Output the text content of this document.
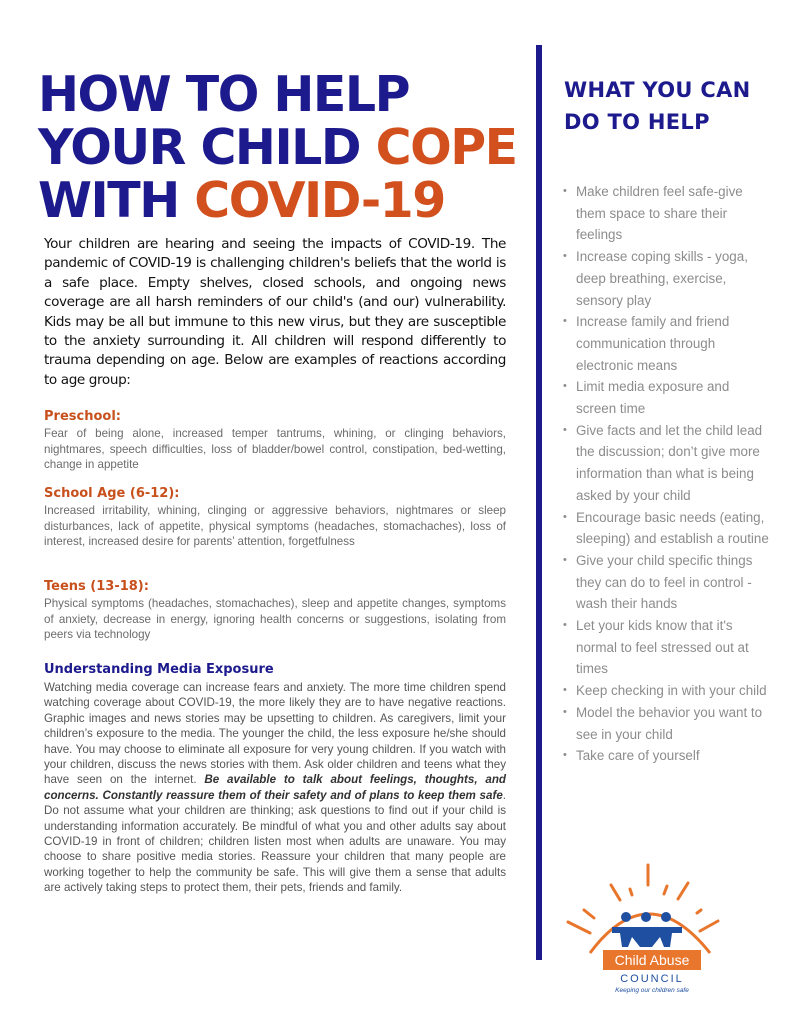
HOW TO HELP
YOUR CHILD COPE
WITH COVID-19

Your children are hearing and seeing the impacts of COVID-19. The pandemic of COVID-19 is challenging children's beliefs that the world is a safe place. Empty shelves, closed schools, and ongoing news coverage are all harsh reminders of our child's (and our) vulnerability. Kids may be all but immune to this new virus, but they are susceptible to the anxiety surrounding it. All children will respond differently to trauma depending on age. Below are examples of reactions according to age group:

Preschool:

Fear of being alone, increased temper tantrums, whining, or clinging behaviors, nightmares, speech difficulties, loss of bladder/bowel control, constipation, bed-wetting, change in appetite

School Age (6-12):

Increased irritability, whining, clinging or aggressive behaviors, nightmares or sleep disturbances, lack of appetite, physical symptoms (headaches, stomachaches), loss of interest, increased desire for parents’ attention, forgetfulness

Teens (13-18):

Physical symptoms (headaches, stomachaches), sleep and appetite changes, symptoms of anxiety, decrease in energy, ignoring health concerns or suggestions, isolating from peers via technology

Understanding Media Exposure

Watching media coverage can increase fears and anxiety. The more time children spend watching coverage about COVID-19, the more likely they are to have negative reactions. Graphic images and news stories may be upsetting to children. As caregivers, limit your children’s exposure to the media. The younger the child, the less exposure he/she should have. You may choose to eliminate all exposure for very young children. If you watch with your children, discuss the news stories with them. Ask older children and teens what they have seen on the internet. Be available to talk about feelings, thoughts, and concerns. Constantly reassure them of their safety and of plans to keep them safe. Do not assume what your children are thinking; ask questions to find out if your child is understanding information accurately. Be mindful of what you and other adults say about COVID-19 in front of children; children listen most when adults are unaware. You may choose to share positive media stories. Reassure your children that many people are working together to help the community be safe. This will give them a sense that adults are actively taking steps to protect them, their pets, friends and family.

WHAT YOU CAN DO TO HELP
• Make children feel safe-give them space to share their feelings
• Increase coping skills - yoga, deep breathing, exercise, sensory play
• Increase family and friend communication through electronic means
• Limit media exposure and screen time
• Give facts and let the child lead the discussion; don’t give more information than what is being asked by your child
• Encourage basic needs (eating, sleeping) and establish a routine
• Give your child specific things they can do to feel in control - wash their hands
• Let your kids know that it's normal to feel stressed out at times
• Keep checking in with your child
• Model the behavior you want to see in your child
• Take care of yourself
Child Abuse
COUNCIL
Keeping our children safe
